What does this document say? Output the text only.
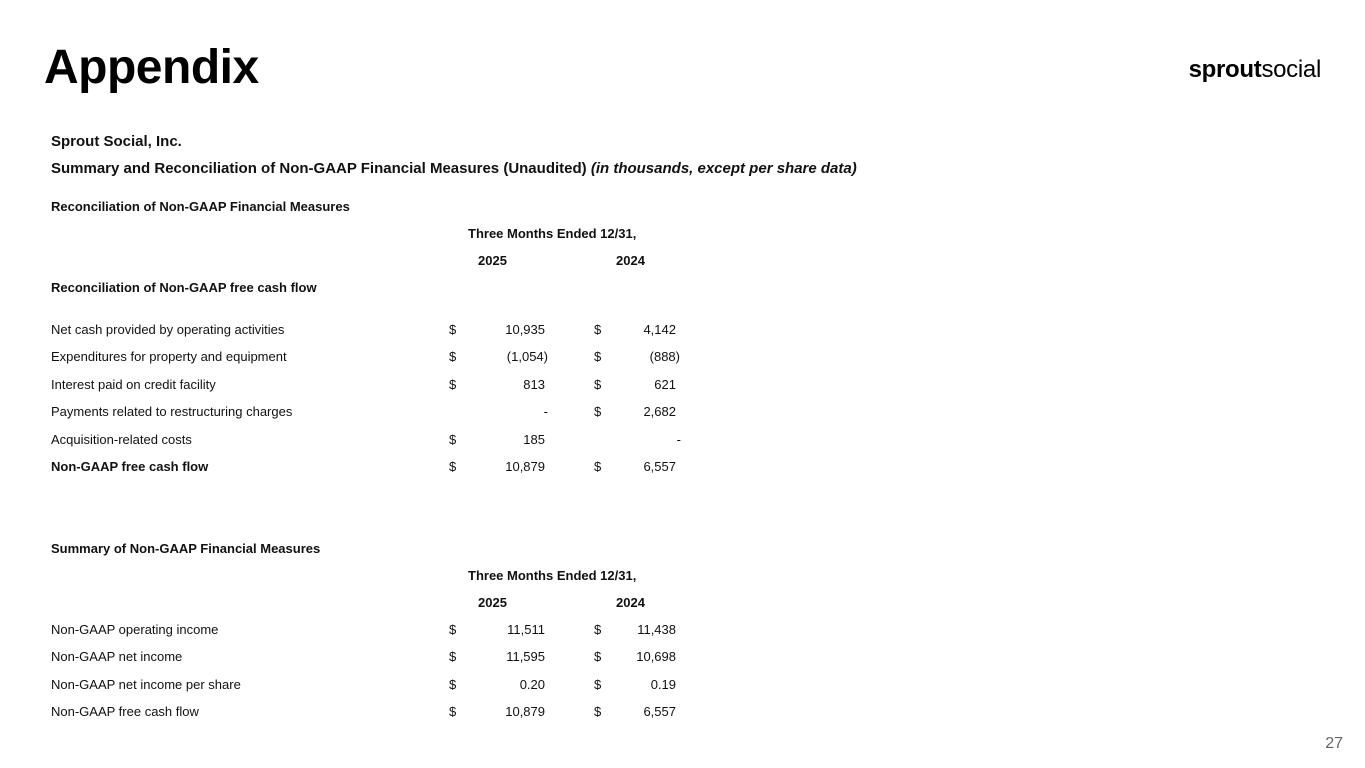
Appendix	sproutsocial
Sprout Social, Inc.
Summary and Reconciliation of Non-GAAP Financial Measures (Unaudited) (in thousands, except per share data)
Reconciliation of Non-GAAP Financial Measures
Three Months Ended 12/31,
2025	2024
Reconciliation of Non-GAAP free cash flow
Net cash provided by operating activities	$	10,935	$	4,142
Expenditures for property and equipment	$	(1,054)	$	(888)
Interest paid on credit facility	$	813	$	621
Payments related to restructuring charges	-	$	2,682
Acquisition-related costs	$	185	-
Non-GAAP free cash flow	$	10,879	$	6,557
Summary of Non-GAAP Financial Measures
Three Months Ended 12/31,
2025	2024
Non-GAAP operating income	$	11,511	$	11,438
Non-GAAP net income	$	11,595	$	10,698
Non-GAAP net income per share	$	0.20	$	0.19
Non-GAAP free cash flow	$	10,879	$	6,557
27
